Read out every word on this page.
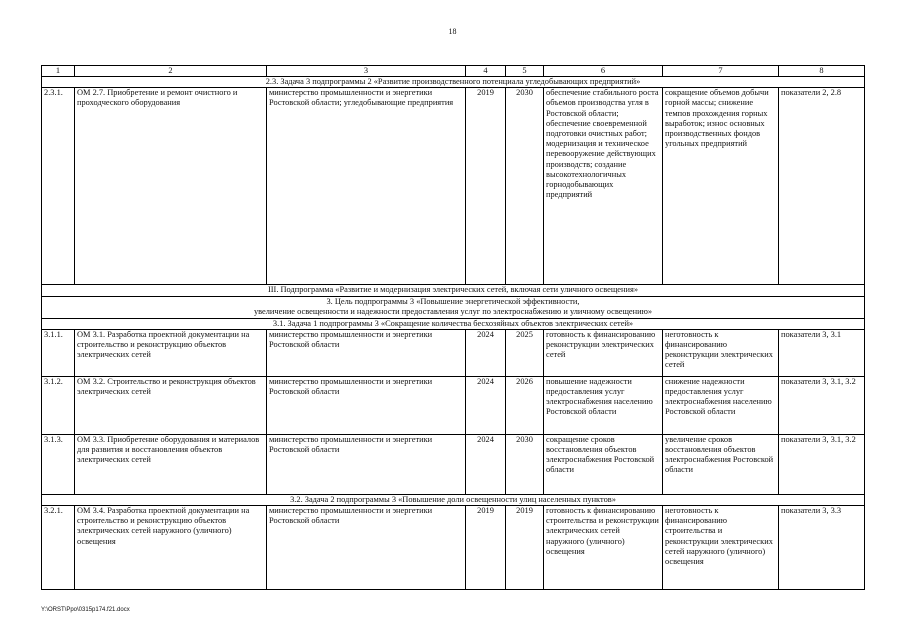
18
1	2	3	4	5	6	7	8
2.3. Задача 3 подпрограммы 2 «Развитие производственного потенциала угледобывающих предприятий»							
2.3.1.	ОМ 2.7. Приобретение и ремонт очистного и проходческого оборудования	министерство промышленности и энергетики Ростовской области; угледобывающие предприятия	2019	2030	обеспечение стабильного роста объемов производства угля в Ростовской области; обеспечение своевременной подготовки очистных работ; модернизация и техническое перевооружение действующих производств; создание высокотехнологичных горнодобывающих предприятий	сокращение объемов добычи горной массы; снижение темпов прохождения горных выработок; износ основных производственных фондов угольных предприятий	показатели 2, 2.8
III. Подпрограмма «Развитие и модернизация электрических сетей, включая сети уличного освещения»							
3. Цель подпрограммы 3 «Повышение энергетической эффективности,							
увеличение освещенности и надежности предоставления услуг по электроснабжению и уличному освещению»							
3.1. Задача 1 подпрограммы 3 «Сокращение количества бесхозяйных объектов электрических сетей»							
3.1.1.	ОМ 3.1. Разработка проектной документации на строительство и реконструкцию объектов электрических сетей	министерство промышленности и энергетики Ростовской области	2024	2025	готовность к финансированию реконструкции электрических сетей	неготовность к финансированию реконструкции электрических сетей	показатели 3, 3.1
3.1.2.	ОМ 3.2. Строительство и реконструкция объектов электрических сетей	министерство промышленности и энергетики Ростовской области	2024	2026	повышение надежности предоставления услуг электроснабжения населению Ростовской области	снижение надежности предоставления услуг электроснабжения населению Ростовской области	показатели 3, 3.1, 3.2
3.1.3.	ОМ 3.3. Приобретение оборудования и материалов для развития и восстановления объектов электрических сетей	министерство промышленности и энергетики Ростовской области	2024	2030	сокращение сроков восстановления объектов электроснабжения Ростовской области	увеличение сроков восстановления объектов электроснабжения Ростовской области	показатели 3, 3.1, 3.2
3.2. Задача 2 подпрограммы 3 «Повышение доли освещенности улиц населенных пунктов»							
3.2.1.	ОМ 3.4. Разработка проектной документации на строительство и реконструкцию объектов электрических сетей наружного (уличного) освещения	министерство промышленности и энергетики Ростовской области	2019	2019	готовность к финансированию строительства и реконструкции электрических сетей наружного (уличного) освещения	неготовность к финансированию строительства и реконструкции электрических сетей наружного (уличного) освещения	показатели 3, 3.3
Y:\ORST\Ppo\0315p174.f21.docx
